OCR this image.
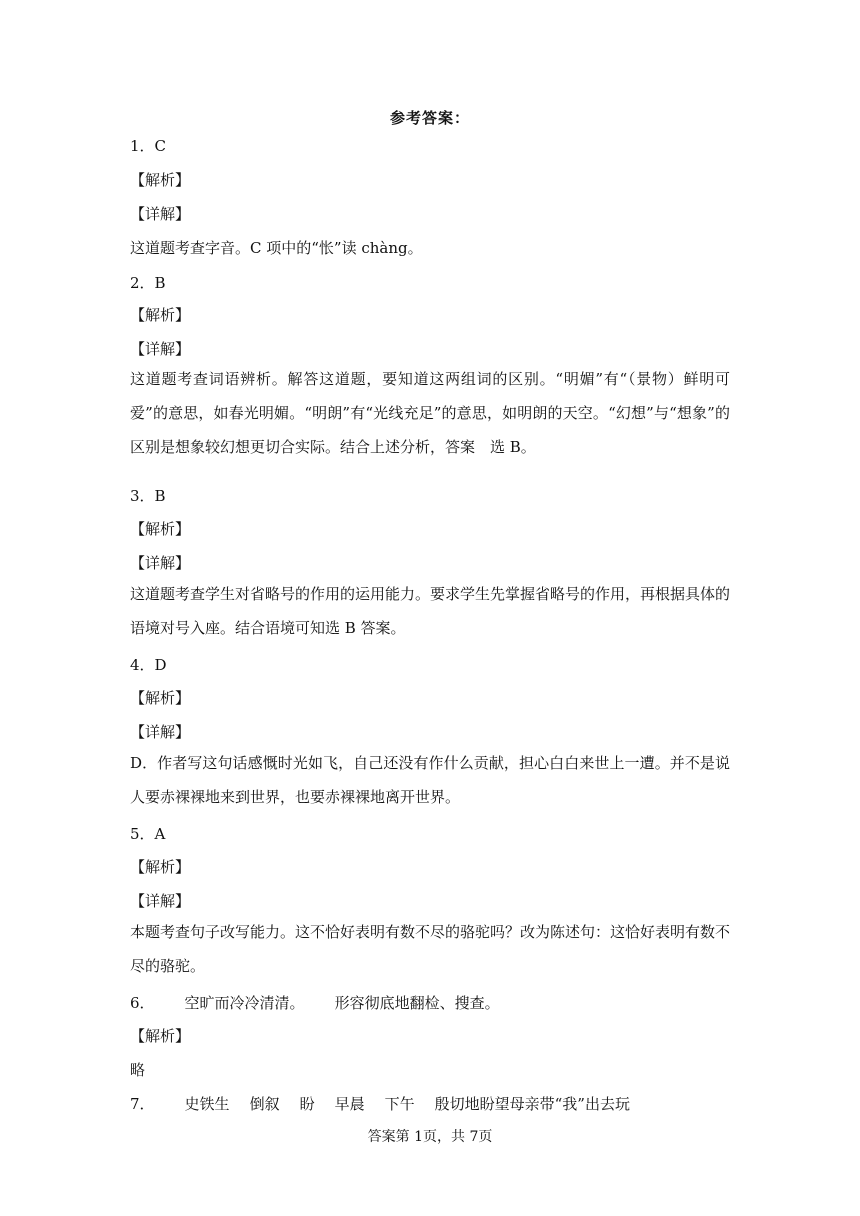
参考答案：
1．C
【解析】
【详解】
这道题考查字音。C 项中的“怅”读 chàng。
2．B
【解析】
【详解】
这道题考查词语辨析。解答这道题，要知道这两组词的区别。“明媚”有“（景物）鲜明可爱”的意思，如春光明媚。“明朗”有“光线充足”的意思，如明朗的天空。“幻想”与“想象”的区别是想象较幻想更切合实际。结合上述分析，答案　选 B。
3．B
【解析】
【详解】
这道题考查学生对省略号的作用的运用能力。要求学生先掌握省略号的作用，再根据具体的语境对号入座。结合语境可知选 B 答案。
4．D
【解析】
【详解】
D．作者写这句话感慨时光如飞，自己还没有作什么贡献，担心白白来世上一遭。并不是说人要赤裸裸地来到世界，也要赤裸裸地离开世界。
5．A
【解析】
【详解】
本题考查句子改写能力。这不恰好表明有数不尽的骆驼吗？改为陈述句：这恰好表明有数不尽的骆驼。
6． 空旷而冷冷清清。 形容彻底地翻检、搜查。
【解析】
略
7． 史铁生 倒叙 盼 早晨 下午 殷切地盼望母亲带“我”出去玩
答案第 1页，共 7页
